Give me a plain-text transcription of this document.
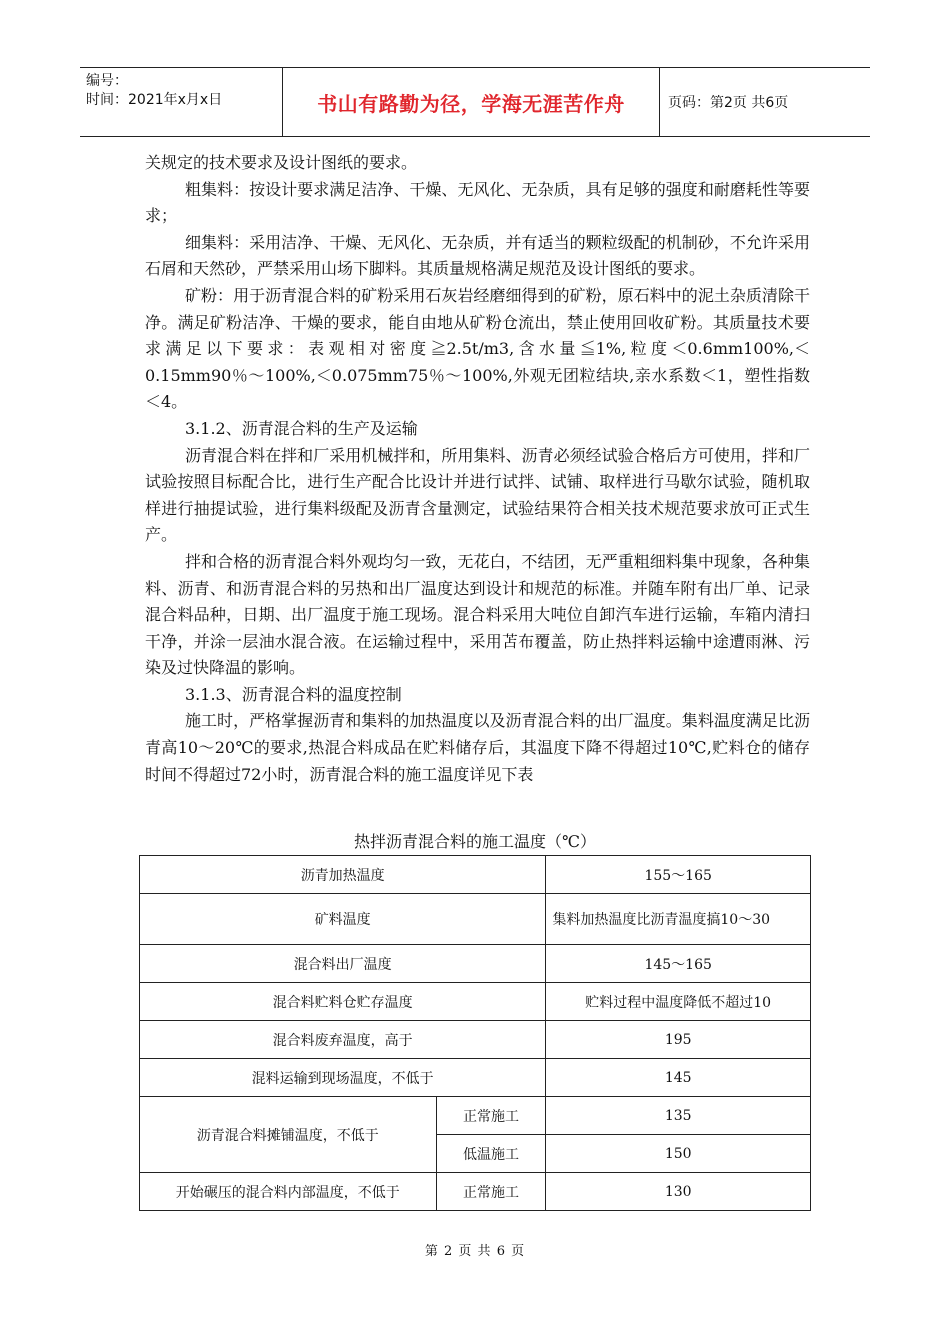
编号：
时间：2021年x月x日	书山有路勤为径，学海无涯苦作舟	页码：第2页 共6页

关规定的技术要求及设计图纸的要求。

粗集料：按设计要求满足洁净、干燥、无风化、无杂质，具有足够的强度和耐磨耗性等要求；

细集料：采用洁净、干燥、无风化、无杂质，并有适当的颗粒级配的机制砂，不允许采用石屑和天然砂，严禁采用山场下脚料。其质量规格满足规范及设计图纸的要求。

矿粉：用于沥青混合料的矿粉采用石灰岩经磨细得到的矿粉，原石料中的泥土杂质清除干净。满足矿粉洁净、干燥的要求，能自由地从矿粉仓流出，禁止使用回收矿粉。其质量技术要求满足以下要求：表观相对密度≧2.5t/m3,含水量≦1%,粒度＜0.6mm100%,＜0.15mm90％～100%,＜0.075mm75％～100%,外观无团粒结块,亲水系数＜1，塑性指数＜4。

3.1.2、沥青混合料的生产及运输

沥青混合料在拌和厂采用机械拌和，所用集料、沥青必须经试验合格后方可使用，拌和厂试验按照目标配合比，进行生产配合比设计并进行试拌、试铺、取样进行马歇尔试验，随机取样进行抽提试验，进行集料级配及沥青含量测定，试验结果符合相关技术规范要求放可正式生产。

拌和合格的沥青混合料外观均匀一致，无花白，不结团，无严重粗细料集中现象，各种集料、沥青、和沥青混合料的另热和出厂温度达到设计和规范的标准。并随车附有出厂单、记录混合料品种，日期、出厂温度于施工现场。混合料采用大吨位自卸汽车进行运输，车箱内清扫干净，并涂一层油水混合液。在运输过程中，采用苫布覆盖，防止热拌料运输中途遭雨淋、污染及过快降温的影响。

3.1.3、沥青混合料的温度控制

施工时，严格掌握沥青和集料的加热温度以及沥青混合料的出厂温度。集料温度满足比沥青高10～20℃的要求,热混合料成品在贮料储存后，其温度下降不得超过10℃,贮料仓的储存时间不得超过72小时，沥青混合料的施工温度详见下表

热拌沥青混合料的施工温度（℃）
沥青加热温度		155～165
矿料温度		集料加热温度比沥青温度搞10～30
混合料出厂温度		145～165
混合料贮料仓贮存温度		贮料过程中温度降低不超过10
混合料废弃温度，高于		195
混料运输到现场温度，不低于		145
沥青混合料摊铺温度，不低于	正常施工	135
	低温施工	150
开始碾压的混合料内部温度，不低于	正常施工	130
第 2 页 共 6 页
